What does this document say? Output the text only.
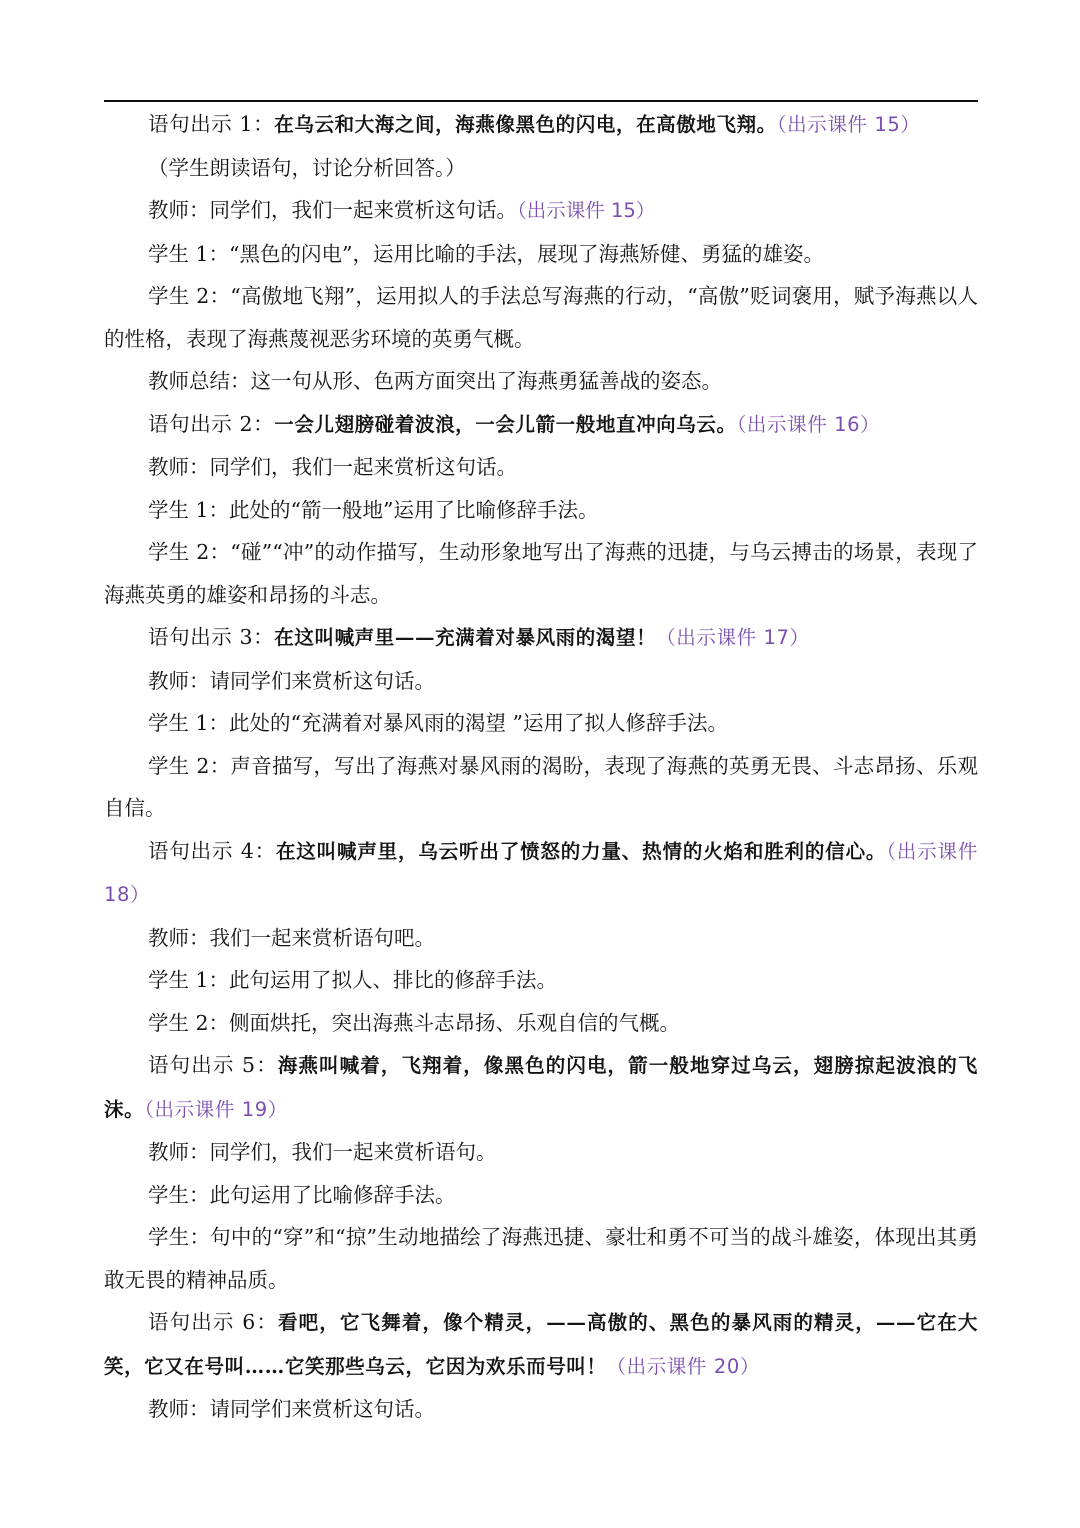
语句出示 1：在乌云和大海之间，海燕像黑色的闪电，在高傲地飞翔。（出示课件 15）

（学生朗读语句，讨论分析回答。）

教师：同学们，我们一起来赏析这句话。（出示课件 15）

学生 1：“黑色的闪电”，运用比喻的手法，展现了海燕矫健、勇猛的雄姿。

学生 2：“高傲地飞翔”，运用拟人的手法总写海燕的行动，“高傲”贬词褒用，赋予海燕以人的性格，表现了海燕蔑视恶劣环境的英勇气概。

教师总结：这一句从形、色两方面突出了海燕勇猛善战的姿态。

语句出示 2：一会儿翅膀碰着波浪，一会儿箭一般地直冲向乌云。（出示课件 16）

教师：同学们，我们一起来赏析这句话。

学生 1：此处的“箭一般地”运用了比喻修辞手法。

学生 2：“碰”“冲”的动作描写，生动形象地写出了海燕的迅捷，与乌云搏击的场景，表现了海燕英勇的雄姿和昂扬的斗志。

语句出示 3：在这叫喊声里——充满着对暴风雨的渴望！（出示课件 17）

教师：请同学们来赏析这句话。

学生 1：此处的“充满着对暴风雨的渴望 ”运用了拟人修辞手法。

学生 2：声音描写，写出了海燕对暴风雨的渴盼，表现了海燕的英勇无畏、斗志昂扬、乐观自信。

语句出示 4：在这叫喊声里，乌云听出了愤怒的力量、热情的火焰和胜利的信心。（出示课件 18）

教师：我们一起来赏析语句吧。

学生 1：此句运用了拟人、排比的修辞手法。

学生 2：侧面烘托，突出海燕斗志昂扬、乐观自信的气概。

语句出示 5：海燕叫喊着，飞翔着，像黑色的闪电，箭一般地穿过乌云，翅膀掠起波浪的飞沫。（出示课件 19）

教师：同学们，我们一起来赏析语句。

学生：此句运用了比喻修辞手法。

学生：句中的“穿”和“掠”生动地描绘了海燕迅捷、豪壮和勇不可当的战斗雄姿，体现出其勇敢无畏的精神品质。

语句出示 6：看吧，它飞舞着，像个精灵，——高傲的、黑色的暴风雨的精灵，——它在大笑，它又在号叫……它笑那些乌云，它因为欢乐而号叫！（出示课件 20）

教师：请同学们来赏析这句话。
